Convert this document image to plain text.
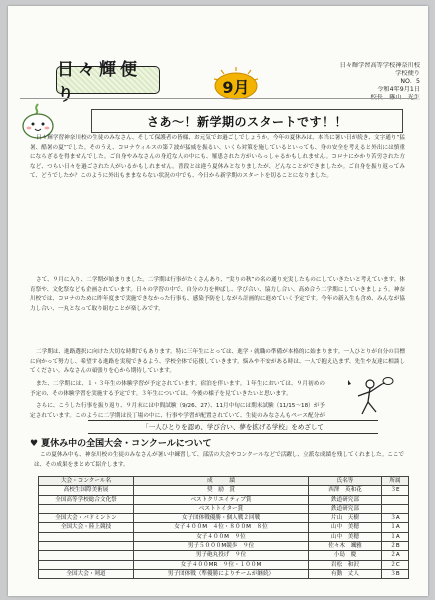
日々輝便り	9月
日々輝学習高等学校神奈川校
学校便り
NO．5
令和4年9月1日
校長　篠山　光生
さあ～！新学期のスタートです！！

日々輝学習神奈川校の生徒のみなさん、そして保護者の皆様、お元気でお過ごしでしょうか。今年の夏休みは、本当に暑い日が続き、文字通り“猛暑、酷暑の夏”でした。そのうえ、コロナウィルスの第７波が猛威を振るい、いくら対策を施しているといっても、身の安全を考えると外出には慎重にならざるを得ませんでした。ご自身やみなさんの身近な人の中にも、罹患された方がいらっしゃるかもしれません。コロナにかかり苦労された方など、つらい日々を過ごされた人がいるかもしれません。普段とは違う夏休みとなりましたが、どんなことができましたか。ご自身を振り返ってみて、どうでしたか？このように外出もままならない状況の中でも、今日から新学期のスタートを切ることになりました。

さて、９月に入り、二学期が始まりました。二学期は行事がたくさんあり、“実りの秋”の名の通り充実したものにしていきたいと考えています。体育祭や、文化祭なども企画されています。日々の学習の中で、自分の力を伸ばし、学び合い、協力し合い、高め合う二学期にしていきましょう。神奈川校では、コロナのために昨年度まで実施できなかった行事も、感染予防をしながら計画的に進めていく予定です。今年の新入生も含め、みんなが協力し合い、一丸となって取り組むことが楽しみです。

二学期は、進路選択に向けた大切な時期でもあります。特に三年生にとっては、進学・就職の準備が本格的に始まります。一人ひとりが自分の目標に向かって努力し、希望する進路を実現できるよう、学校全体で応援していきます。悩みや不安がある時は、一人で抱え込まず、先生や友達に相談してください。みなさんの頑張りを心から期待しています。

また、二学期には、１・３年生の体験学習が予定されています。宿泊を伴います。１年生においては、９月初めの予定の、その体験学習を実施する予定です。３年生については、今後の様子を見ていきたいと思います。

さらに、こうした行事を振り返り、９月末には中間試験（9/26、27）、11月中旬には期末試験（11/15～18）が予定されています。このように二学期は長丁場の中に、行事や学習が配置されていて、生徒のみなさんもペース配分が

「一人ひとりを認め、学び合い、夢を拡げる学校」をめざして
♥ 夏休み中の全国大会・コンクールについて

この夏休み中も、神奈川校の生徒のみなさんが暑い中練習して、部活の大会やコンクールなどで活躍し、立派な成績を残してくれました。ここでは、その成果をまとめて紹介します。

大会・コンクール名	成　　　績	氏名等	所属
高校生国際美術展	奨　励　賞	西澤　英和花	３E
全国高等学校総合文化祭	ベストクリエイティブ賞	鉄道研究部	
	ベストトイター賞	鉄道研究部	
全国大会・バドミントン	女子団体戦優勝・個人戦２回戦	片山　天樹	３A
全国大会・陸上競技	女子４００M　４位・８００M　８位	山中　美穂	１A
	女子４００M　９位	山中　美穂	１A
	男子５０００M競歩　９位	佐々木　颯雅	２B
	男子砲丸投げ　９位	小島　慶	２A
	女子４００MR　９位・１００M	岩松　和沢	２C
全国大会・剣道	男子団体戦（準優勝によりチームが継続）	有動　丈人	３B
